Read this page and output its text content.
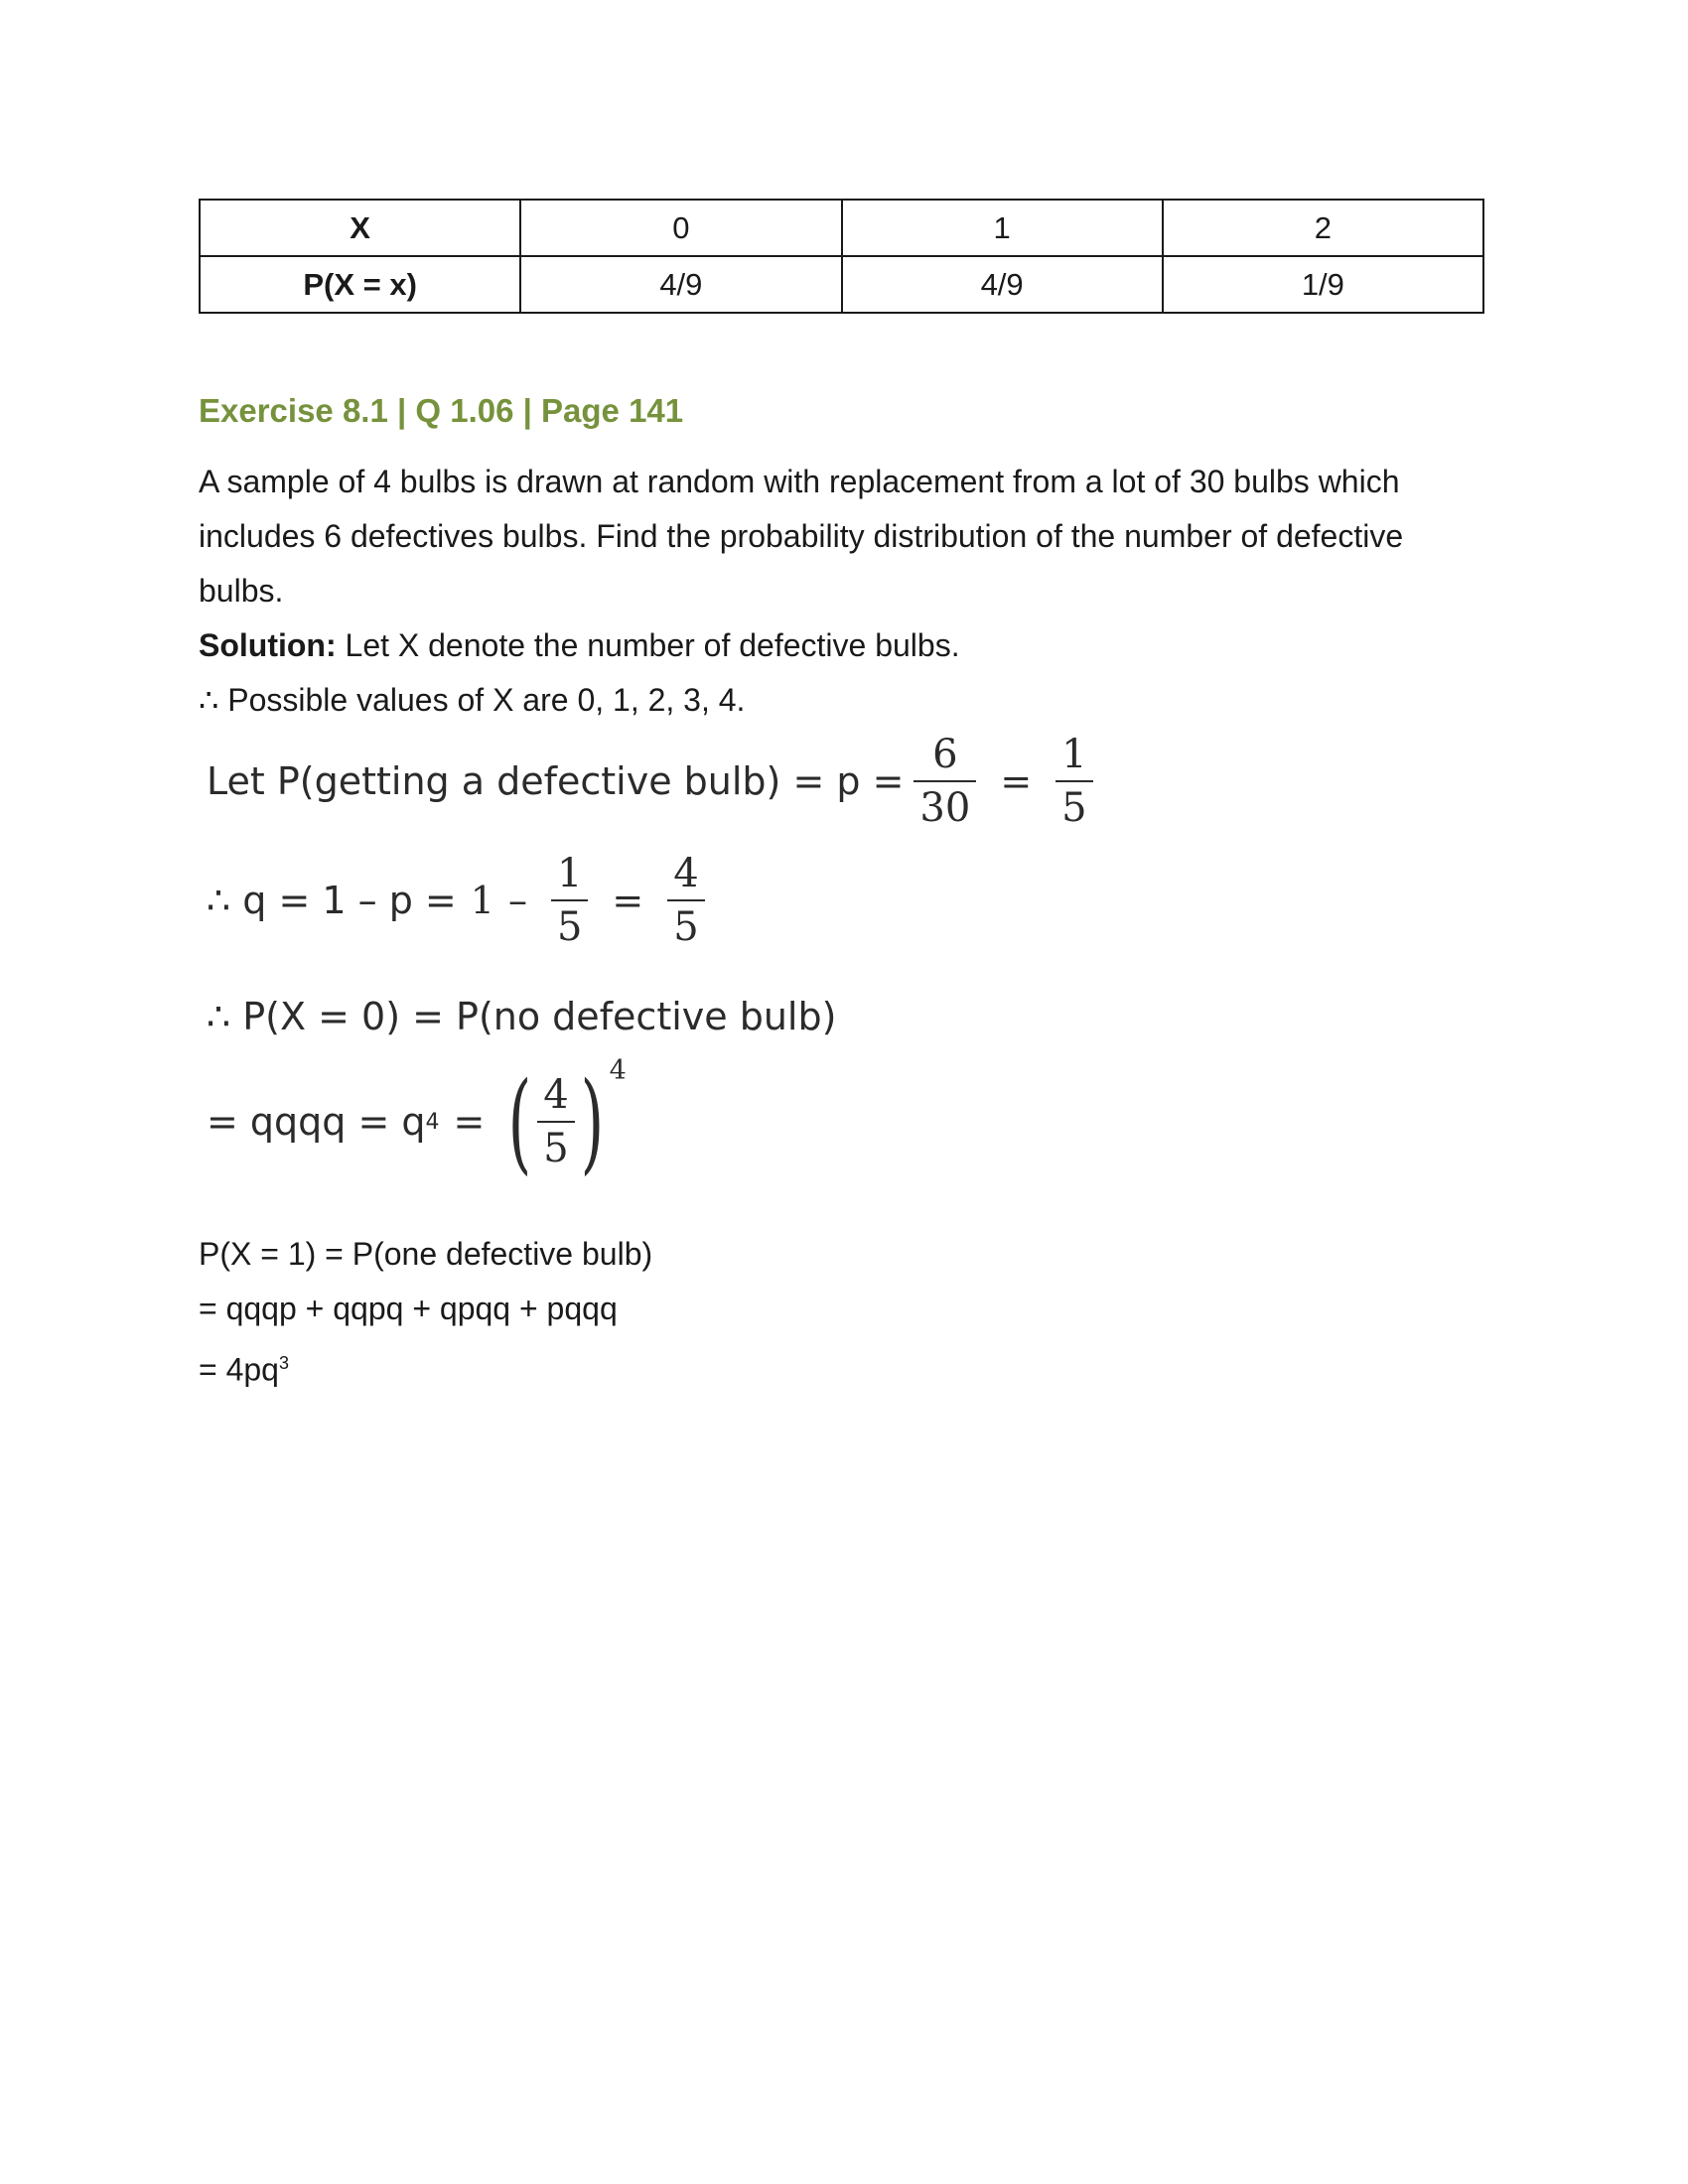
X	0	1	2
P(X = x)	4/9	4/9	1/9
Exercise 8.1 | Q 1.06 | Page 141
A sample of 4 bulbs is drawn at random with replacement from a lot of 30 bulbs which includes 6 defectives bulbs. Find the probability distribution of the number of defective bulbs.
Solution: Let X denote the number of defective bulbs.
∴ Possible values of X are 0, 1, 2, 3, 4.
Let P(getting a defective bulb) = $p = \frac{6}{30} = \frac{1}{5}$
∴ $q = 1 - p = 1 - \frac{1}{5} = \frac{4}{5}$
∴ P(X = 0) = P(no defective bulb)
= qqqq = q 4 = ( $\frac{4}{5}$ ) 4
P(X = 1) = P(one defective bulb)
= qqqp + qqpq + qpqq + pqqq
= $4pq^3$
